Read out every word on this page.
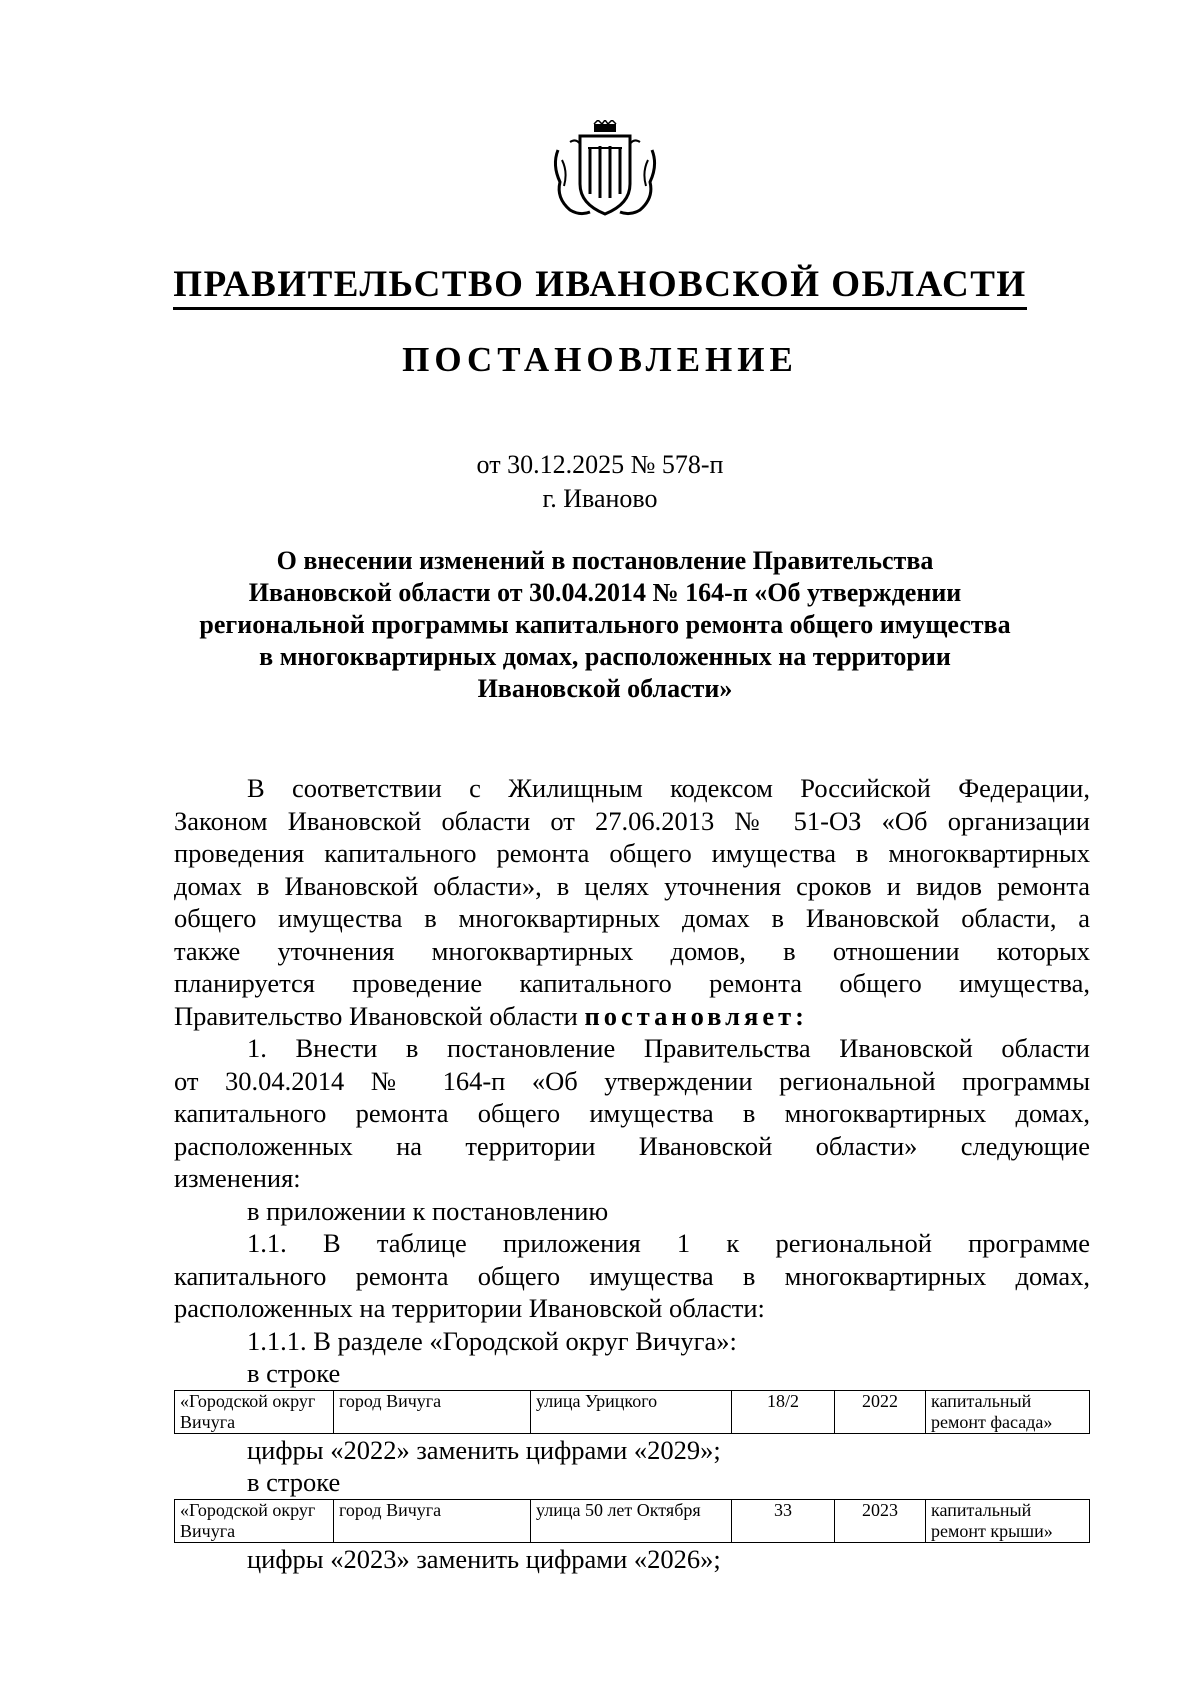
ПРАВИТЕЛЬСТВО ИВАНОВСКОЙ ОБЛАСТИ
ПОСТАНОВЛЕНИЕ
от 30.12.2025 № 578-п
г. Иваново
О внесении изменений в постановление Правительства
Ивановской области от 30.04.2014 № 164-п «Об утверждении
региональной программы капитального ремонта общего имущества
в многоквартирных домах, расположенных на территории
Ивановской области»
В соответствии с Жилищным кодексом Российской Федерации,
Законом Ивановской области от 27.06.2013 № 51-ОЗ «Об организации
проведения капитального ремонта общего имущества в многоквартирных
домах в Ивановской области», в целях уточнения сроков и видов ремонта
общего имущества в многоквартирных домах в Ивановской области, а
также уточнения многоквартирных домов, в отношении которых
планируется проведение капитального ремонта общего имущества,
Правительство Ивановской области постановляет:
1. Внести в постановление Правительства Ивановской области
от 30.04.2014 № 164-п «Об утверждении региональной программы
капитального ремонта общего имущества в многоквартирных домах,
расположенных на территории Ивановской области» следующие
изменения:
в приложении к постановлению
1.1. В таблице приложения 1 к региональной программе
капитального ремонта общего имущества в многоквартирных домах,
расположенных на территории Ивановской области:
1.1.1. В разделе «Городской округ Вичуга»:
в строке
«Городской округ Вичуга	город Вичуга	улица Урицкого	18/2	2022	капитальный ремонт фасада»
цифры «2022» заменить цифрами «2029»;
в строке
«Городской округ Вичуга	город Вичуга	улица 50 лет Октября	33	2023	капитальный ремонт крыши»
цифры «2023» заменить цифрами «2026»;
